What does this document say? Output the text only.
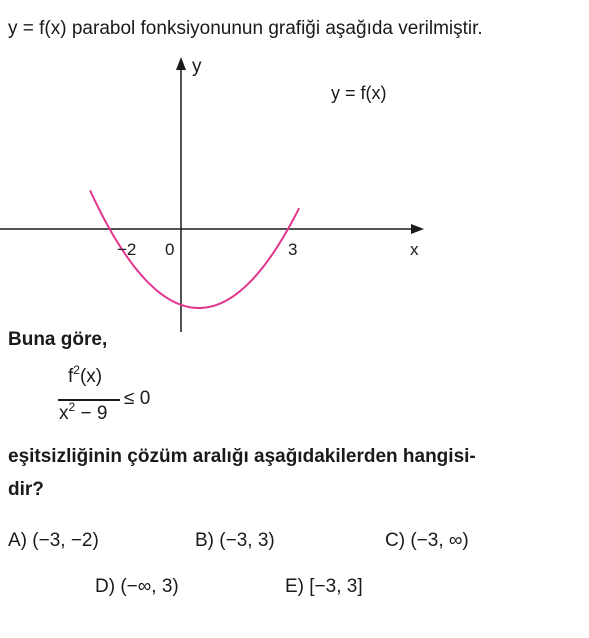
y = f(x) parabol fonksiyonunun grafiği aşağıda verilmiştir.
y
x
−2 0	3
y = f(x)
Buna göre,
$f^2(x)$
$x^2 - 9$
≤ 0
eşitsizliğinin çözüm aralığı aşağıdakilerden hangisi-
dir?
A) (−3, −2)	B) (−3, 3)	C) (−3, ∞)
D) (−∞, 3)	E) [−3, 3]
